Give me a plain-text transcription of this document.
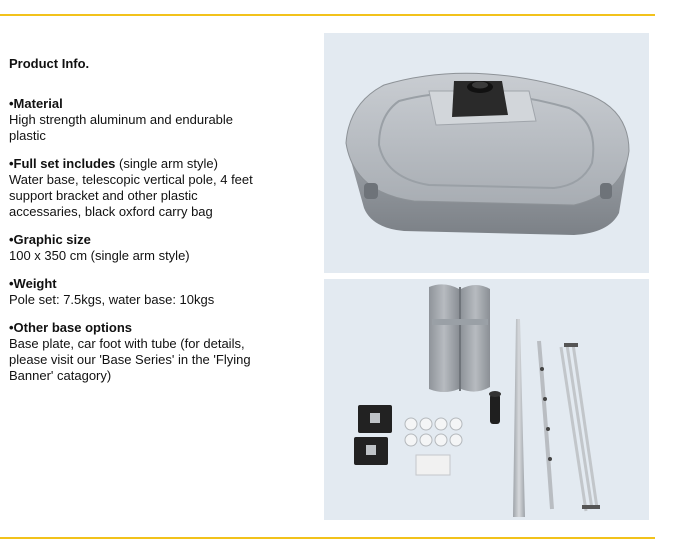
Product Info.
•Material
High strength aluminum and endurable
plastic
•Full set includes (single arm style)
Water base, telescopic vertical pole, 4 feet
support bracket and other plastic
accessaries, black oxford carry bag
•Graphic size
100 x 350 cm (single arm style)
•Weight
Pole set: 7.5kgs, water base: 10kgs
•Other base options
Base plate, car foot with tube (for details,
please visit our 'Base Series' in the 'Flying
Banner' catagory)
